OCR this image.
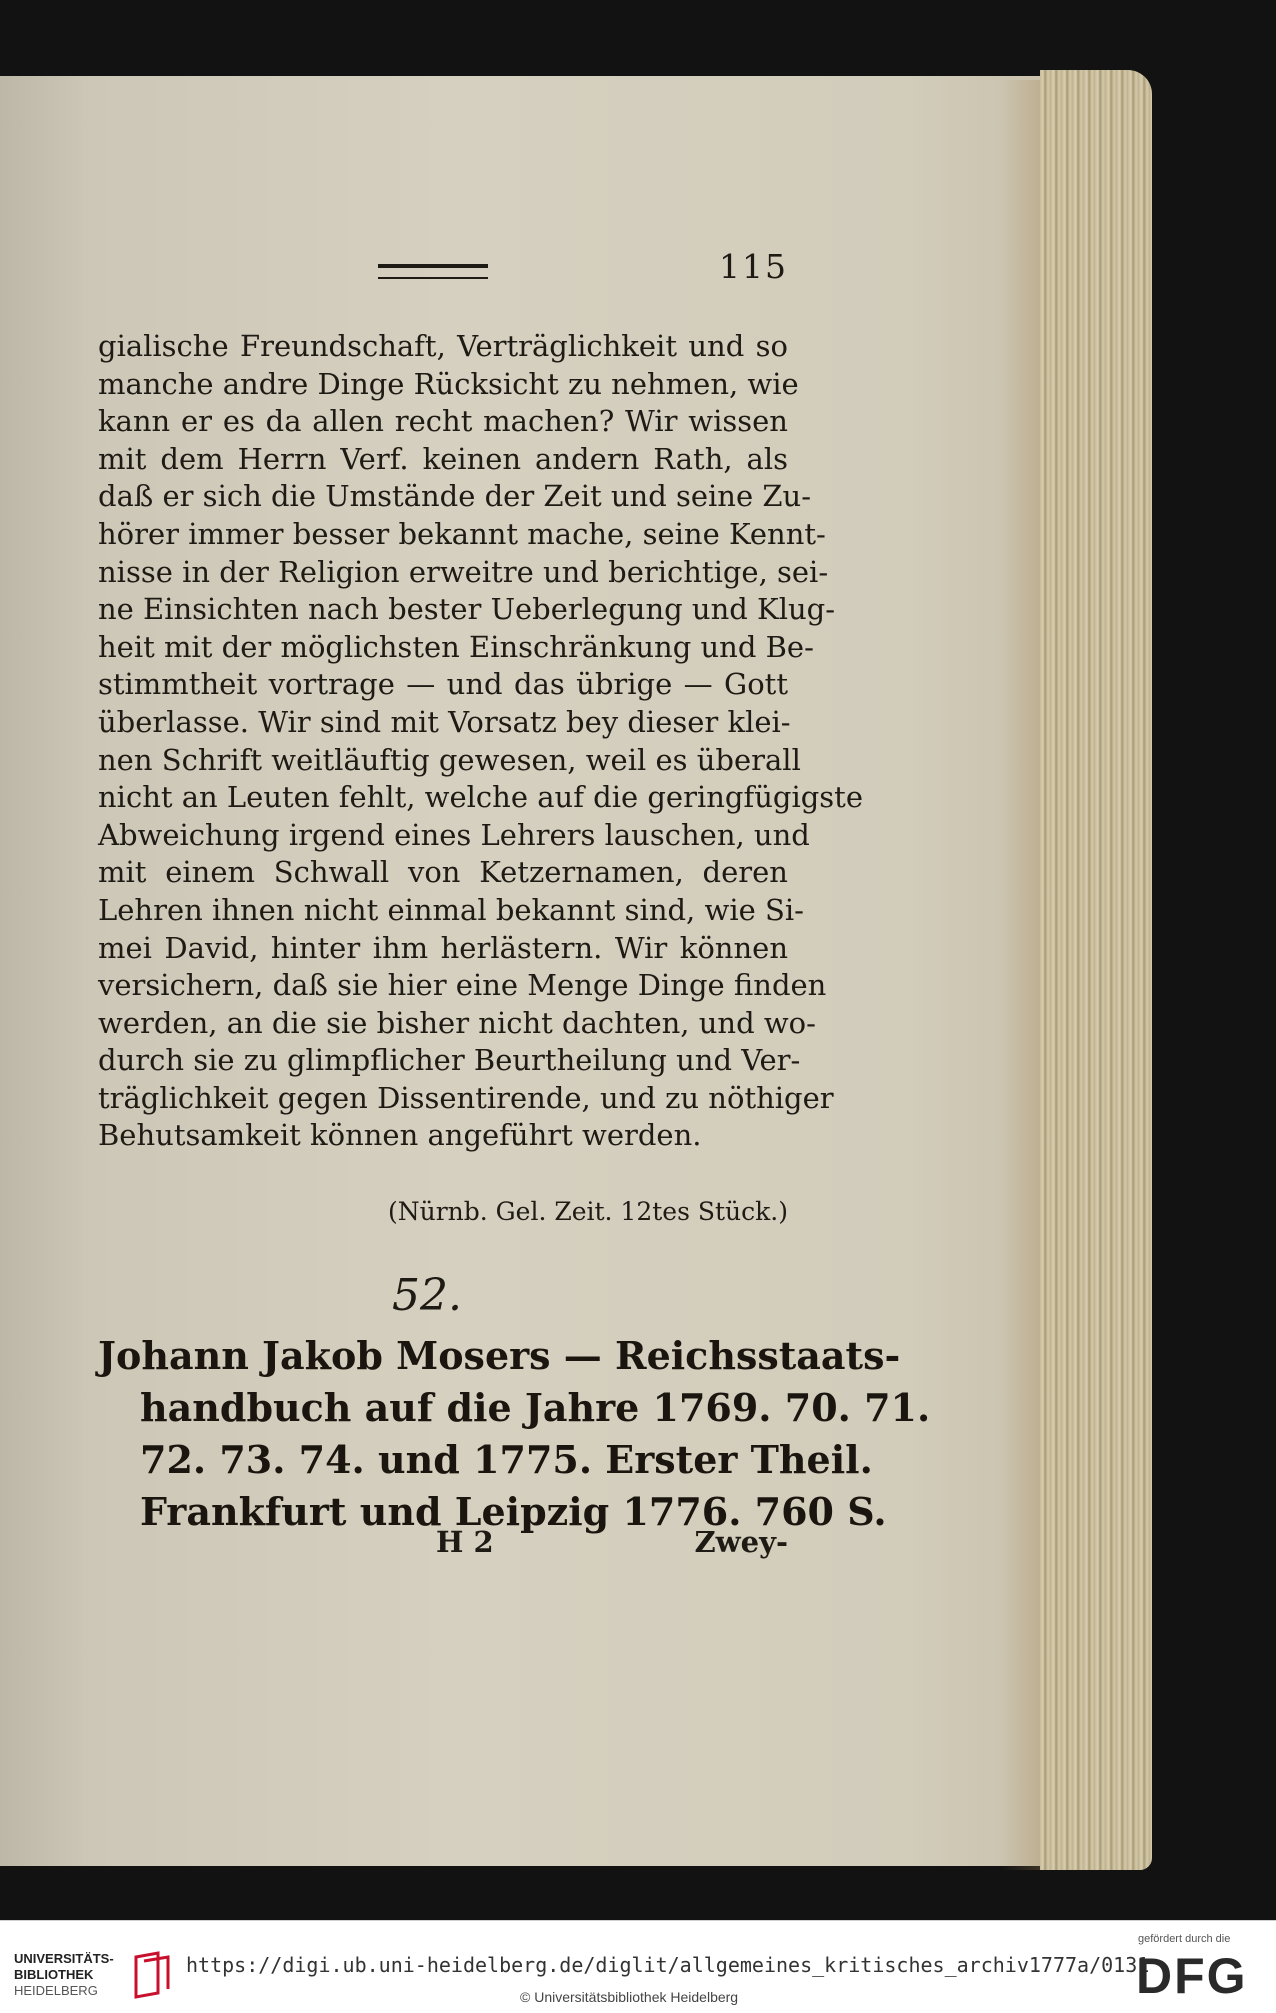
115
gialische Freundschaft, Verträglichkeit und so
manche andre Dinge Rücksicht zu nehmen, wie
kann er es da allen recht machen? Wir wissen
mit dem Herrn Verf. keinen andern Rath, als
daß er sich die Umstände der Zeit und seine Zu-
hörer immer besser bekannt mache, seine Kennt-
nisse in der Religion erweitre und berichtige, sei-
ne Einsichten nach bester Ueberlegung und Klug-
heit mit der möglichsten Einschränkung und Be-
stimmtheit vortrage — und das übrige — Gott
überlasse. Wir sind mit Vorsatz bey dieser klei-
nen Schrift weitläuftig gewesen, weil es überall
nicht an Leuten fehlt, welche auf die geringfügigste
Abweichung irgend eines Lehrers lauschen, und
mit einem Schwall von Ketzernamen, deren
Lehren ihnen nicht einmal bekannt sind, wie Si-
mei David, hinter ihm herlästern. Wir können
versichern, daß sie hier eine Menge Dinge finden
werden, an die sie bisher nicht dachten, und wo-
durch sie zu glimpflicher Beurtheilung und Ver-
träglichkeit gegen Dissentirende, und zu nöthiger
Behutsamkeit können angeführt werden.
(Nürnb. Gel. Zeit. 12tes Stück.)
52.
Johann Jakob Mosers — Reichsstaats-
handbuch auf die Jahre 1769. 70. 71.
72. 73. 74. und 1775. Erster Theil.
Frankfurt und Leipzig 1776. 760 S.
H 2	Zwey-
UNIVERSITÄTS-
BIBLIOTHEK
HEIDELBERG
https://digi.ub.uni-heidelberg.de/diglit/allgemeines_kritisches_archiv1777a/0131
© Universitätsbibliothek Heidelberg
gefördert durch die
DFG
